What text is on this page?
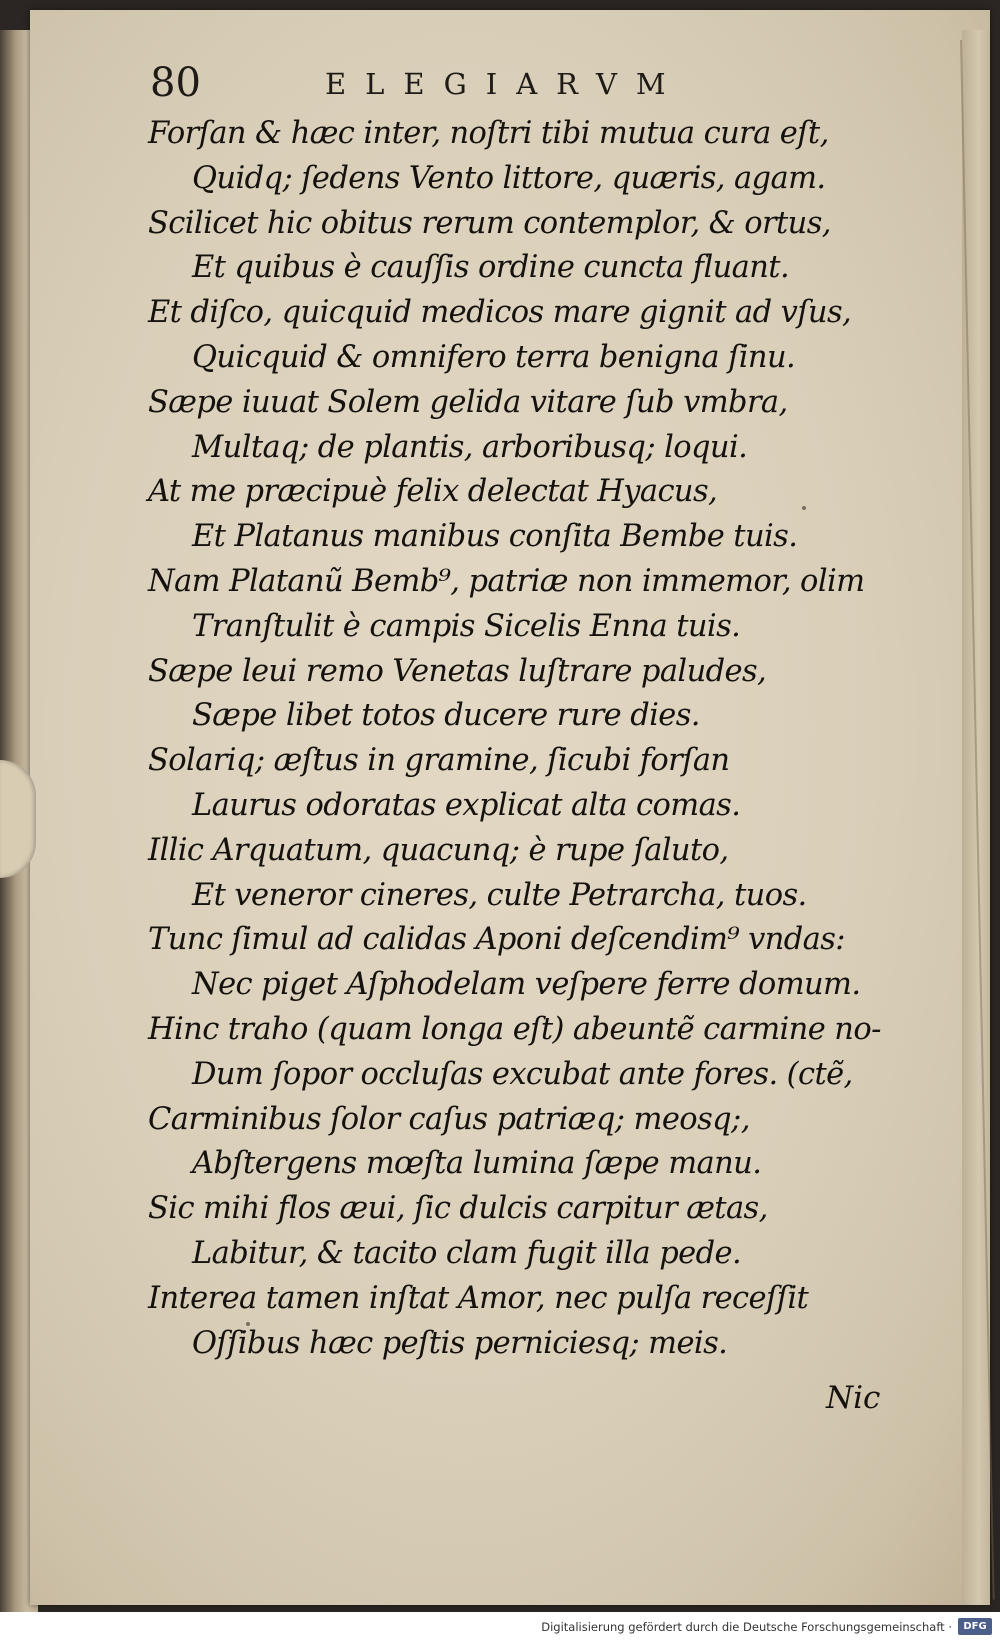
80	ELEGIARVM
Forſan & hæc inter, noſtri tibi mutua cura eſt,
Quidq; ſedens Vento littore, quæris, agam.
Scilicet hic obitus rerum contemplor, & ortus,
Et quibus è cauſſis ordine cuncta fluant.
Et diſco, quicquid medicos mare gignit ad vſus,
Quicquid & omnifero terra benigna ſinu.
Sæpe iuuat Solem gelida vitare ſub vmbra,
Multaq; de plantis, arboribusq; loqui.
At me præcipuè felix delectat Hyacus,
Et Platanus manibus conſita Bembe tuis.
Nam Platanũ Bemb⁹, patriæ non immemor, olim
Tranſtulit è campis Sicelis Enna tuis.
Sæpe leui remo Venetas luſtrare paludes,
Sæpe libet totos ducere rure dies.
Solariq; æſtus in gramine, ſicubi forſan
Laurus odoratas explicat alta comas.
Illic Arquatum, quacunq; è rupe ſaluto,
Et veneror cineres, culte Petrarcha, tuos.
Tunc ſimul ad calidas Aponi deſcendim⁹ vndas:
Nec piget Aſphodelam veſpere ferre domum.
Hinc traho (quam longa eſt) abeuntẽ carmine no-
Dum ſopor occluſas excubat ante fores. (ctẽ,
Carminibus ſolor caſus patriæq; meosq;,
Abſtergens mœſta lumina ſæpe manu.
Sic mihi flos æui, ſic dulcis carpitur ætas,
Labitur, & tacito clam fugit illa pede.
Interea tamen inſtat Amor, nec pulſa receſſit
Oſſibus hæc peſtis perniciesq; meis.
Nic
Digitalisierung gefördert durch die Deutsche Forschungsgemeinschaft ·	DFG
